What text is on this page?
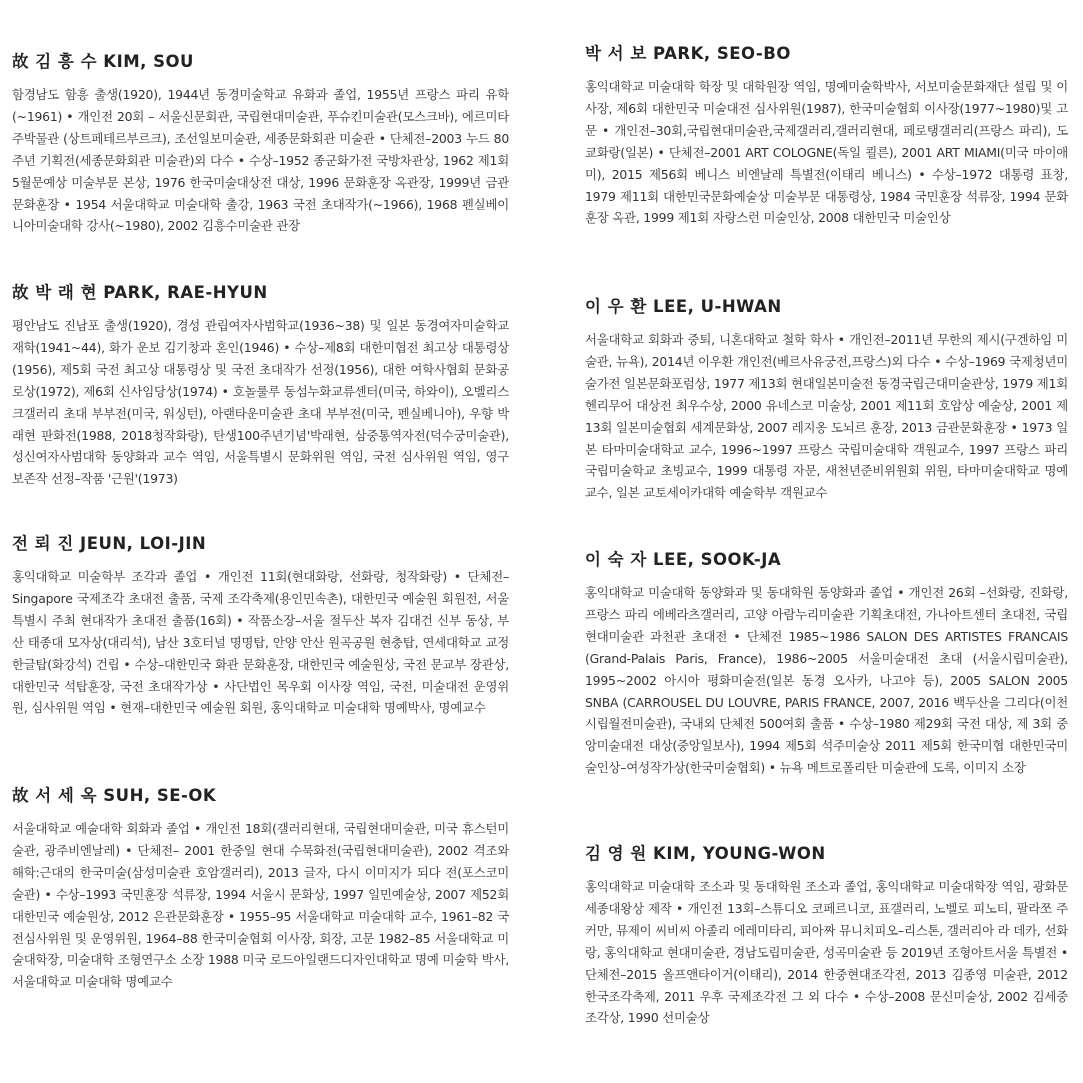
故 김 흥 수 KIM, SOU
함경남도 함흥 출생(1920), 1944년 동경미술학교 유화과 졸업, 1955년 프랑스 파리 유학(~1961) • 개인전 20회 – 서울신문회관, 국립현대미술관, 푸슈킨미술관(모스크바), 에르미타주박물관 (상트페테르부르크), 조선일보미술관, 세종문화회관 미술관 • 단체전–2003 누드 80주년 기획전(세종문화회관 미술관)외 다수 • 수상–1952 종군화가전 국방차관상, 1962 제1회 5월문예상 미술부문 본상, 1976 한국미술대상전 대상, 1996 문화훈장 옥관장, 1999년 금관문화훈장 • 1954 서울대학교 미술대학 출강, 1963 국전 초대작가(~1966), 1968 펜실베이니아미술대학 강사(~1980), 2002 김흥수미술관 관장
故 박 래 현 PARK, RAE-HYUN
평안남도 진남포 출생(1920), 경성 관립여자사범학교(1936~38) 및 일본 동경여자미술학교 재학(1941~44), 화가 운보 김기창과 혼인(1946) • 수상–제8회 대한미협전 최고상 대통령상(1956), 제5회 국전 최고상 대통령상 및 국전 초대작가 선정(1956), 대한 여학사협회 문화공로상(1972), 제6회 신사임당상(1974) • 호놀룰루 동섬누화교류센터(미국, 하와이), 오벨리스크갤러리 초대 부부전(미국, 워싱턴), 아랜타운미술관 초대 부부전(미국, 펜실베니아), 우향 박래현 판화전(1988, 2018청작화랑), 탄생100주년기념'박래현, 삼중통역자전(덕수궁미술관), 성신여자사범대학 동양화과 교수 역임, 서울특별시 문화위원 역임, 국전 심사위원 역임, 영구 보존작 선정–작품 '근원'(1973)
전 뢰 진 JEUN, LOI-JIN
홍익대학교 미술학부 조각과 졸업 • 개인전 11회(현대화랑, 선화랑, 청작화랑) • 단체전–Singapore 국제조각 초대전 출품, 국제 조각축제(용인민속촌), 대한민국 예술원 회원전, 서울특별시 주최 현대작가 초대전 출품(16회) • 작품소장–서울 절두산 복자 김대건 신부 동상, 부산 태종대 모자상(대리석), 남산 3호터널 명명탑, 안양 안산 원곡공원 현충탑, 연세대학교 교정 한글탑(화강석) 건립 • 수상–대한민국 화관 문화훈장, 대한민국 예술원상, 국전 문교부 장관상, 대한민국 석탑훈장, 국전 초대작가상 • 사단법인 목우회 이사장 역임, 국전, 미술대전 운영위원, 심사위원 역임 • 현재–대한민국 예술원 회원, 홍익대학교 미술대학 명예박사, 명예교수
故 서 세 옥 SUH, SE-OK
서울대학교 예술대학 회화과 졸업 • 개인전 18회(갤러리현대, 국립현대미술관, 미국 휴스턴미술관, 광주비엔날레) • 단체전– 2001 한중일 현대 수묵화전(국립현대미술관), 2002 격조와 해학:근대의 한국미술(삼성미술관 호암갤러리), 2013 글자, 다시 이미지가 되다 전(포스코미술관) • 수상–1993 국민훈장 석류장, 1994 서울시 문화상, 1997 일민예술상, 2007 제52회 대한민국 예술원상, 2012 은관문화훈장 • 1955–95 서울대학교 미술대학 교수, 1961–82 국전심사위원 및 운영위원, 1964–88 한국미술협회 이사장, 회장, 고문 1982–85 서울대학교 미술대학장, 미술대학 조형연구소 소장 1988 미국 로드아일랜드디자인대학교 명예 미술학 박사, 서울대학교 미술대학 명예교수
박 서 보 PARK, SEO-BO
홍익대학교 미술대학 학장 및 대학원장 역임, 명예미술학박사, 서보미술문화재단 설립 및 이사장, 제6회 대한민국 미술대전 심사위원(1987), 한국미술협회 이사장(1977~1980)및 고문 • 개인전–30회,국립현대미술관,국제갤러리,갤러리현대, 페로탱갤러리(프랑스 파리), 도쿄화랑(일본) • 단체전–2001 ART COLOGNE(독일 쾰른), 2001 ART MIAMI(미국 마이애미), 2015 제56회 베니스 비엔날레 특별전(이태리 베니스) • 수상–1972 대통령 표창, 1979 제11회 대한민국문화예술상 미술부문 대통령상, 1984 국민훈장 석류장, 1994 문화훈장 옥관, 1999 제1회 자랑스런 미술인상, 2008 대한민국 미술인상
이 우 환 LEE, U-HWAN
서울대학교 회화과 중퇴, 니혼대학교 철학 학사 • 개인전–2011년 무한의 제시(구겐하임 미술관, 뉴욕), 2014년 이우환 개인전(베르사유궁전,프랑스)외 다수 • 수상–1969 국제청년미술가전 일본문화포럼상, 1977 제13회 현대일본미술전 동경국립근대미술관상, 1979 제1회 헨리무어 대상전 최우수상, 2000 유네스코 미술상, 2001 제11회 호암상 예술상, 2001 제13회 일본미술협회 세계문화상, 2007 레지옹 도뇌르 훈장, 2013 금관문화훈장 • 1973 일본 타마미술대학교 교수, 1996~1997 프랑스 국립미술대학 객원교수, 1997 프랑스 파리국립미술학교 초빙교수, 1999 대통령 자문, 새천년준비위원회 위원, 타마미술대학교 명예교수, 일본 교토세이카대학 예술학부 객원교수
이 숙 자 LEE, SOOK-JA
홍익대학교 미술대학 동양화과 및 동대학원 동양화과 졸업 • 개인전 26회 –선화랑, 진화랑, 프랑스 파리 에베라츠갤러리, 고양 아람누리미술관 기획초대전, 가나아트센터 초대전, 국립현대미술관 과천관 초대전 • 단체전 1985~1986 SALON DES ARTISTES FRANCAIS (Grand-Palais Paris, France), 1986~2005 서울미술대전 초대 (서울시립미술관), 1995~2002 아시아 평화미술전(일본 동경 오사카, 나고야 등), 2005 SALON 2005 SNBA (CARROUSEL DU LOUVRE, PARIS FRANCE, 2007, 2016 백두산을 그리다(이천시립월전미술관), 국내외 단체전 500여회 출품 • 수상–1980 제29회 국전 대상, 제 3회 중앙미술대전 대상(중앙일보사), 1994 제5회 석주미술상 2011 제5회 한국미협 대한민국미술인상–여성작가상(한국미술협회) • 뉴욕 메트로폴리탄 미술관에 도록, 이미지 소장
김 영 원 KIM, YOUNG-WON
홍익대학교 미술대학 조소과 및 동대학원 조소과 졸업, 홍익대학교 미술대학장 역임, 광화문 세종대왕상 제작 • 개인전 13회–스튜디오 코페르니코, 표갤러리, 노벨로 피노티, 팔라쪼 주커만, 뮤제이 씨비씨 아졸리 에레미타리, 피아짜 뮤니치피오–리스톤, 갤러리아 라 데카, 선화랑, 홍익대학교 현대미술관, 경남도립미술관, 성곡미술관 등 2019년 조형아트서울 특별전 • 단체전–2015 올프앤타이거(이태리), 2014 한중현대조각전, 2013 김종영 미술관, 2012 한국조각축제, 2011 우후 국제조각전 그 외 다수 • 수상–2008 문신미술상, 2002 김세중 조각상, 1990 선미술상
